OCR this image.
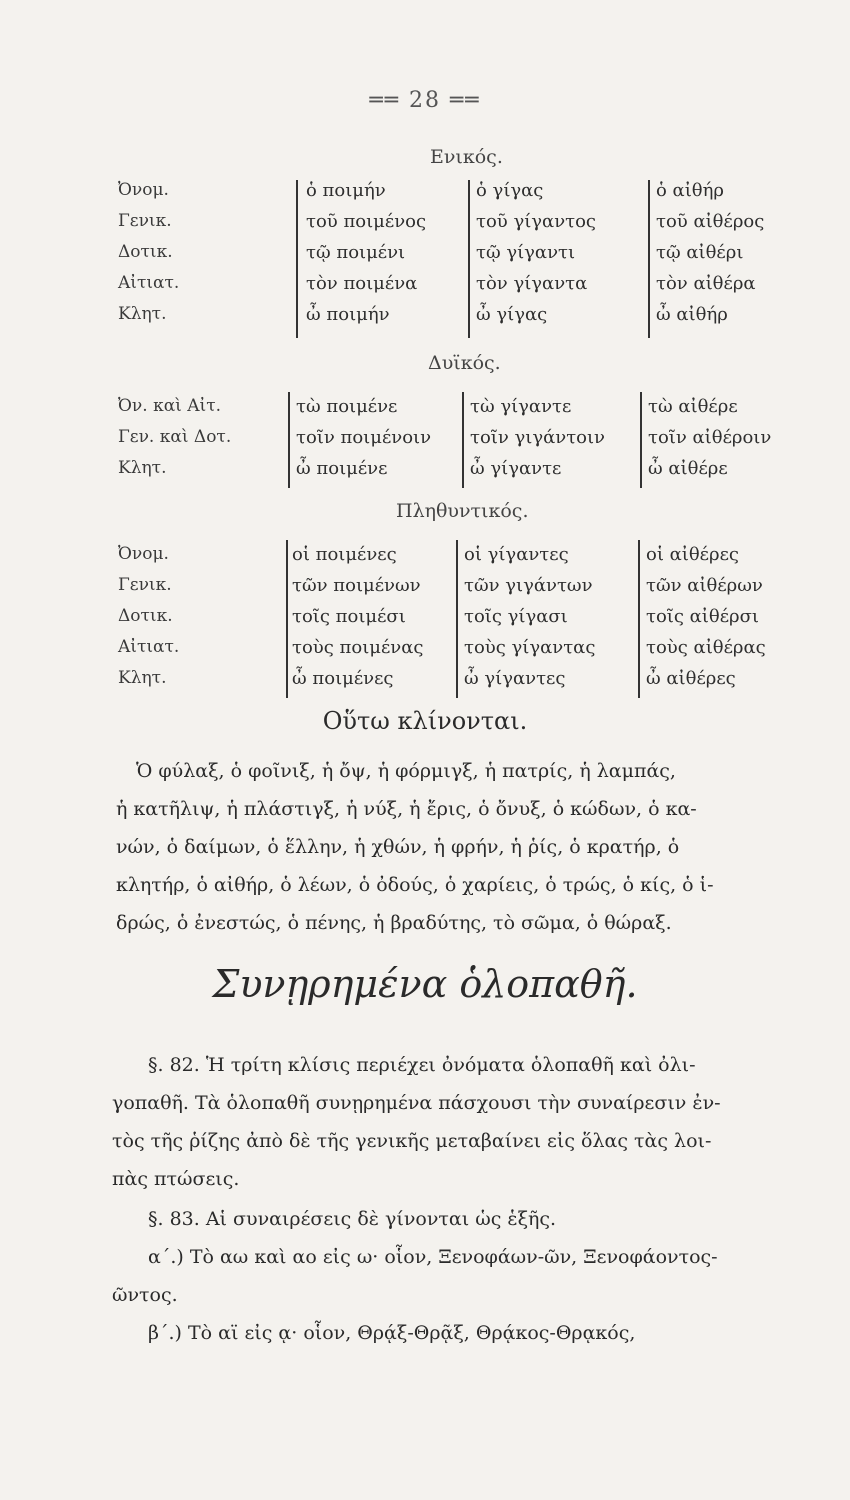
══ 28 ══
Ενικός.
Ὀνομ.
Γενικ.
Δοτικ.
Αἰτιατ.
Κλητ.
ὁ ποιμήν
τοῦ ποιμένος
τῷ ποιμένι
τὸν ποιμένα
ὦ ποιμήν
ὁ γίγας
τοῦ γίγαντος
τῷ γίγαντι
τὸν γίγαντα
ὦ γίγας
ὁ αἰθήρ
τοῦ αἰθέρος
τῷ αἰθέρι
τὸν αἰθέρα
ὦ αἰθήρ
Δυϊκός.
Ὀν. καὶ Αἰτ.
Γεν. καὶ Δοτ.
Κλητ.
τὼ ποιμένε
τοῖν ποιμένοιν
ὦ ποιμένε
τὼ γίγαντε
τοῖν γιγάντοιν
ὦ γίγαντε
τὼ αἰθέρε
τοῖν αἰθέροιν
ὦ αἰθέρε
Πληθυντικός.
Ὀνομ.
Γενικ.
Δοτικ.
Αἰτιατ.
Κλητ.
οἱ ποιμένες
τῶν ποιμένων
τοῖς ποιμέσι
τοὺς ποιμένας
ὦ ποιμένες
οἱ γίγαντες
τῶν γιγάντων
τοῖς γίγασι
τοὺς γίγαντας
ὦ γίγαντες
οἱ αἰθέρες
τῶν αἰθέρων
τοῖς αἰθέρσι
τοὺς αἰθέρας
ὦ αἰθέρες
Οὕτω κλίνονται.
Ὁ φύλαξ, ὁ φοῖνιξ, ἡ ὄψ, ἡ φόρμιγξ, ἡ πατρίς, ἡ λαμπάς,
ἡ κατῆλιψ, ἡ πλάστιγξ, ἡ νύξ, ἡ ἔρις, ὁ ὄνυξ, ὁ κώδων, ὁ κα-
νών, ὁ δαίμων, ὁ ἕλλην, ἡ χθών, ἡ φρήν, ἡ ῥίς, ὁ κρατήρ, ὁ
κλητήρ, ὁ αἰθήρ, ὁ λέων, ὁ ὀδούς, ὁ χαρίεις, ὁ τρώς, ὁ κίς, ὁ ἱ-
δρώς, ὁ ἐνεστώς, ὁ πένης, ἡ βραδύτης, τὸ σῶμα, ὁ θώραξ.
Συνῃρημένα ὁλοπαθῆ.
§. 82. Ἡ τρίτη κλίσις περιέχει ὀνόματα ὁλοπαθῆ καὶ ὀλι-
γοπαθῆ. Τὰ ὁλοπαθῆ συνῃρημένα πάσχουσι τὴν συναίρεσιν ἐν-
τὸς τῆς ῥίζης ἀπὸ δὲ τῆς γενικῆς μεταβαίνει εἰς ὅλας τὰς λοι-
πὰς πτώσεις.
§. 83. Αἱ συναιρέσεις δὲ γίνονται ὡς ἑξῆς.
α΄.) Τὸ αω καὶ αο εἰς ω· οἷον, Ξενοφάων-ῶν, Ξενοφάοντος-
ῶντος.
β΄.) Τὸ αϊ εἰς ᾳ· οἷον, Θρᾴξ-Θρᾷξ, Θρᾴκος-Θρᾳκός,
